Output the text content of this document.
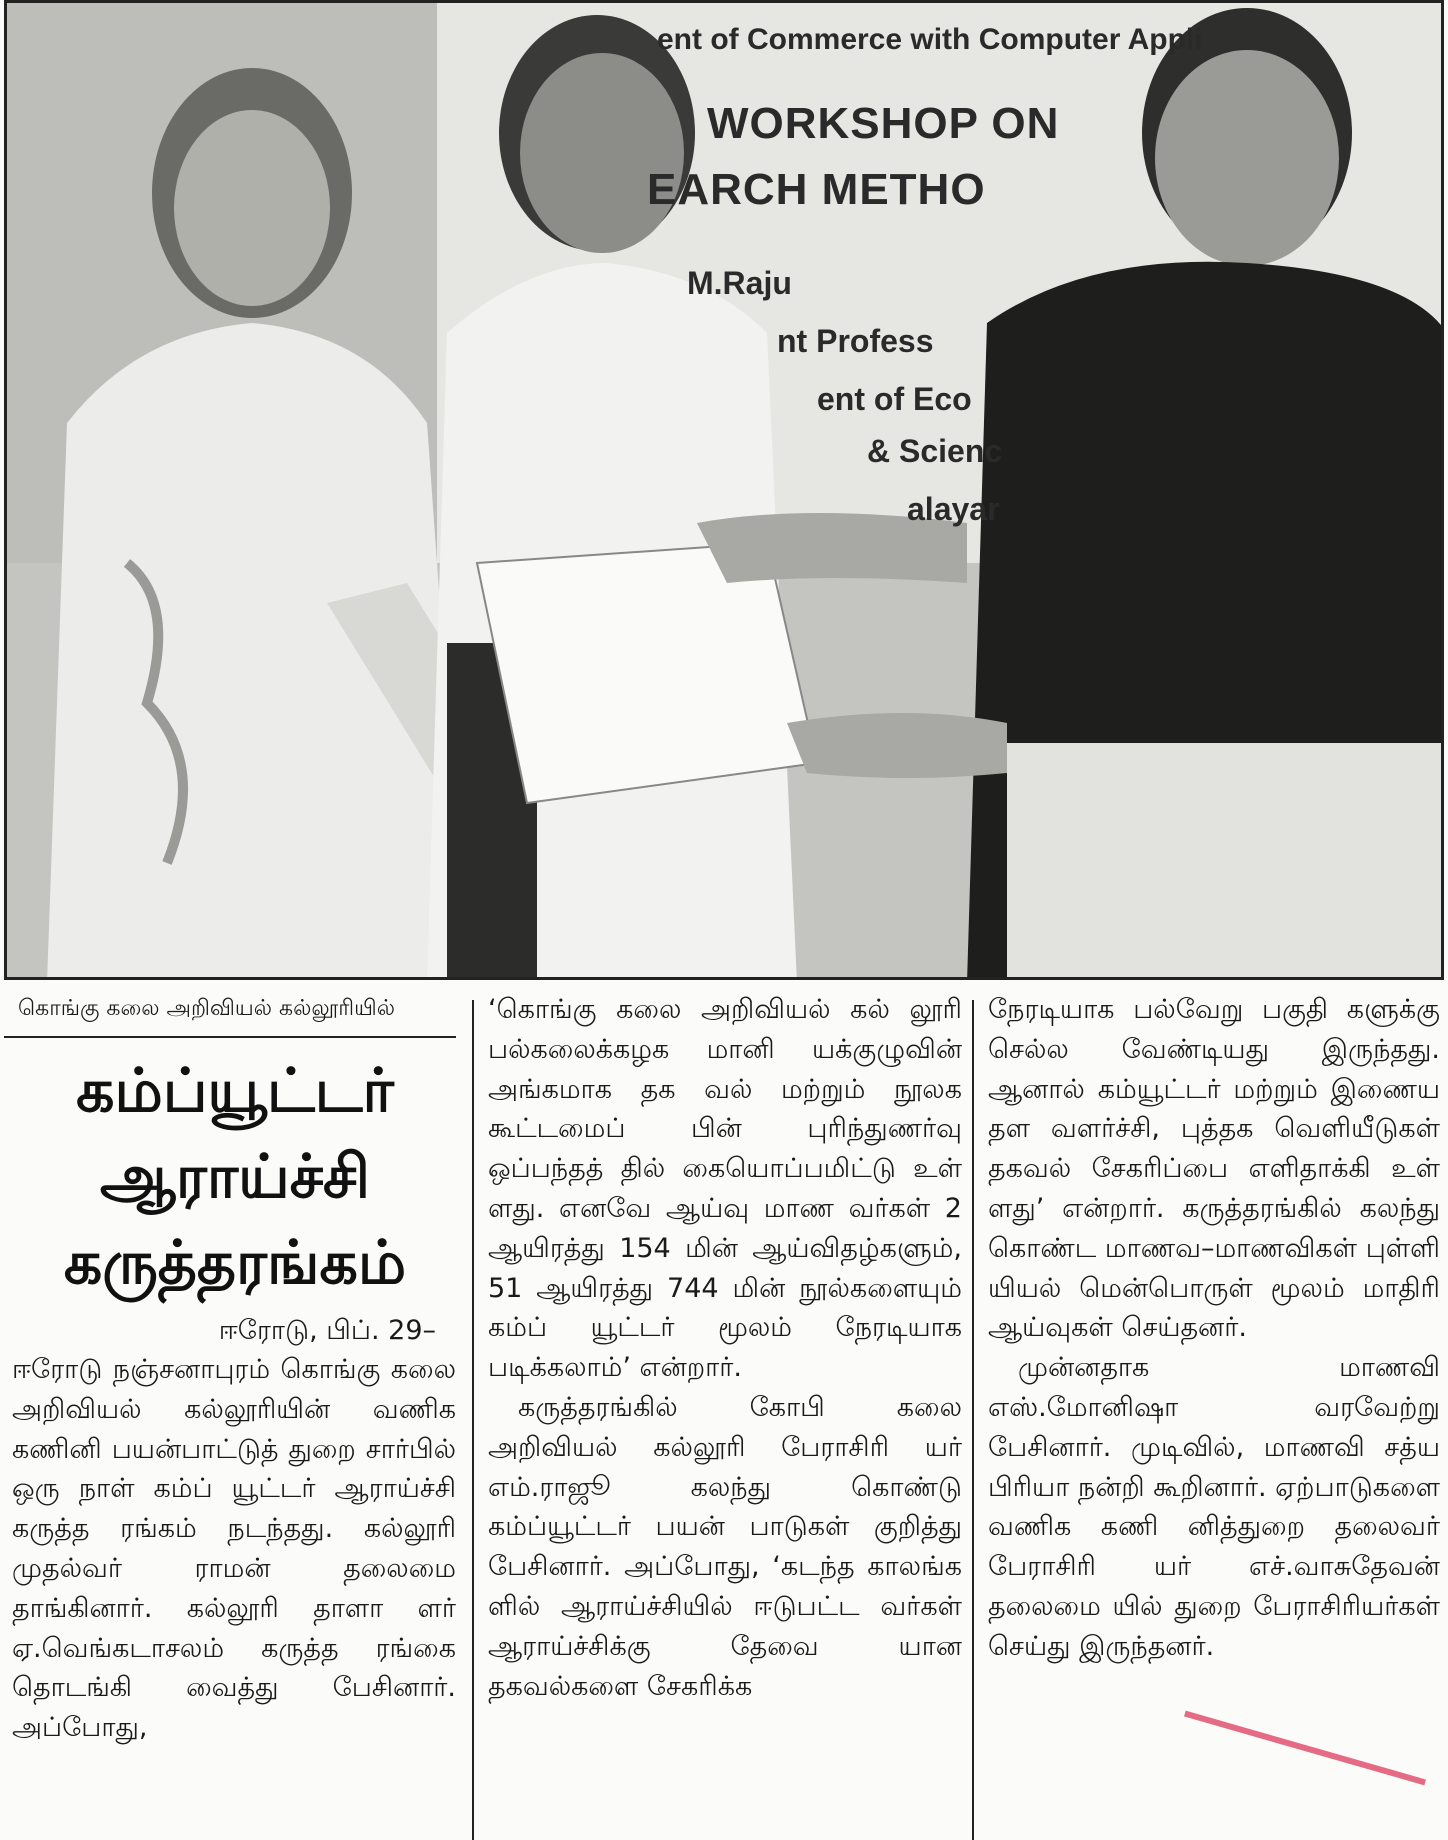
ent of Commerce with Computer Appli
WORKSHOP ON
EARCH METHO
M.Raju
nt Profess
ent of Eco
& Scienc
alayar
கொங்கு கலை அறிவியல் கல்லூரியில்
கம்ப்யூட்டர்
ஆராய்ச்சி
கருத்தரங்கம்
ஈரோடு, பிப். 29–

ஈரோடு நஞ்சனாபுரம் கொங்கு கலை அறிவியல் கல்லூரியின் வணிக கணினி பயன்பாட்டுத் துறை சார்பில் ஒரு நாள் கம்ப் யூட்டர் ஆராய்ச்சி கருத்த ரங்கம் நடந்தது. கல்லூரி முதல்வர் ராமன் தலைமை தாங்கினார். கல்லூரி தாளா ளர் ஏ.வெங்கடாசலம் கருத்த ரங்கை தொடங்கி வைத்து பேசினார். அப்போது,

‘கொங்கு கலை அறிவியல் கல் லூரி பல்கலைக்கழக மானி யக்குழுவின் அங்கமாக தக வல் மற்றும் நூலக கூட்டமைப் பின் புரிந்துணர்வு ஒப்பந்தத் தில் கையொப்பமிட்டு உள் ளது. எனவே ஆய்வு மாண வர்கள் 2 ஆயிரத்து 154 மின் ஆய்விதழ்களும், 51 ஆயிரத்து 744 மின் நூல்களையும் கம்ப் யூட்டர் மூலம் நேரடியாக படிக்கலாம்’ என்றார்.

கருத்தரங்கில் கோபி கலை அறிவியல் கல்லூரி பேராசிரி யர் எம்.ராஜூ கலந்து கொண்டு கம்ப்யூட்டர் பயன் பாடுகள் குறித்து பேசினார். அப்போது, ‘கடந்த காலங்க ளில் ஆராய்ச்சியில் ஈடுபட்ட வர்கள் ஆராய்ச்சிக்கு தேவை யான தகவல்களை சேகரிக்க

நேரடியாக பல்வேறு பகுதி களுக்கு செல்ல வேண்டியது இருந்தது. ஆனால் கம்யூட்டர் மற்றும் இணைய தள வளர்ச்சி, புத்தக வெளியீடுகள் தகவல் சேகரிப்பை எளிதாக்கி உள் ளது’ என்றார். கருத்தரங்கில் கலந்து கொண்ட மாணவ–மாணவிகள் புள்ளி யியல் மென்பொருள் மூலம் மாதிரி ஆய்வுகள் செய்தனர்.

முன்னதாக மாணவி எஸ்.மோனிஷா வரவேற்று பேசினார். முடிவில், மாணவி சத்ய பிரியா நன்றி கூறினார். ஏற்பாடுகளை வணிக கணி னித்துறை தலைவர் பேராசிரி யர் எச்.வாசுதேவன் தலைமை யில் துறை பேராசிரியர்கள் செய்து இருந்தனர்.
